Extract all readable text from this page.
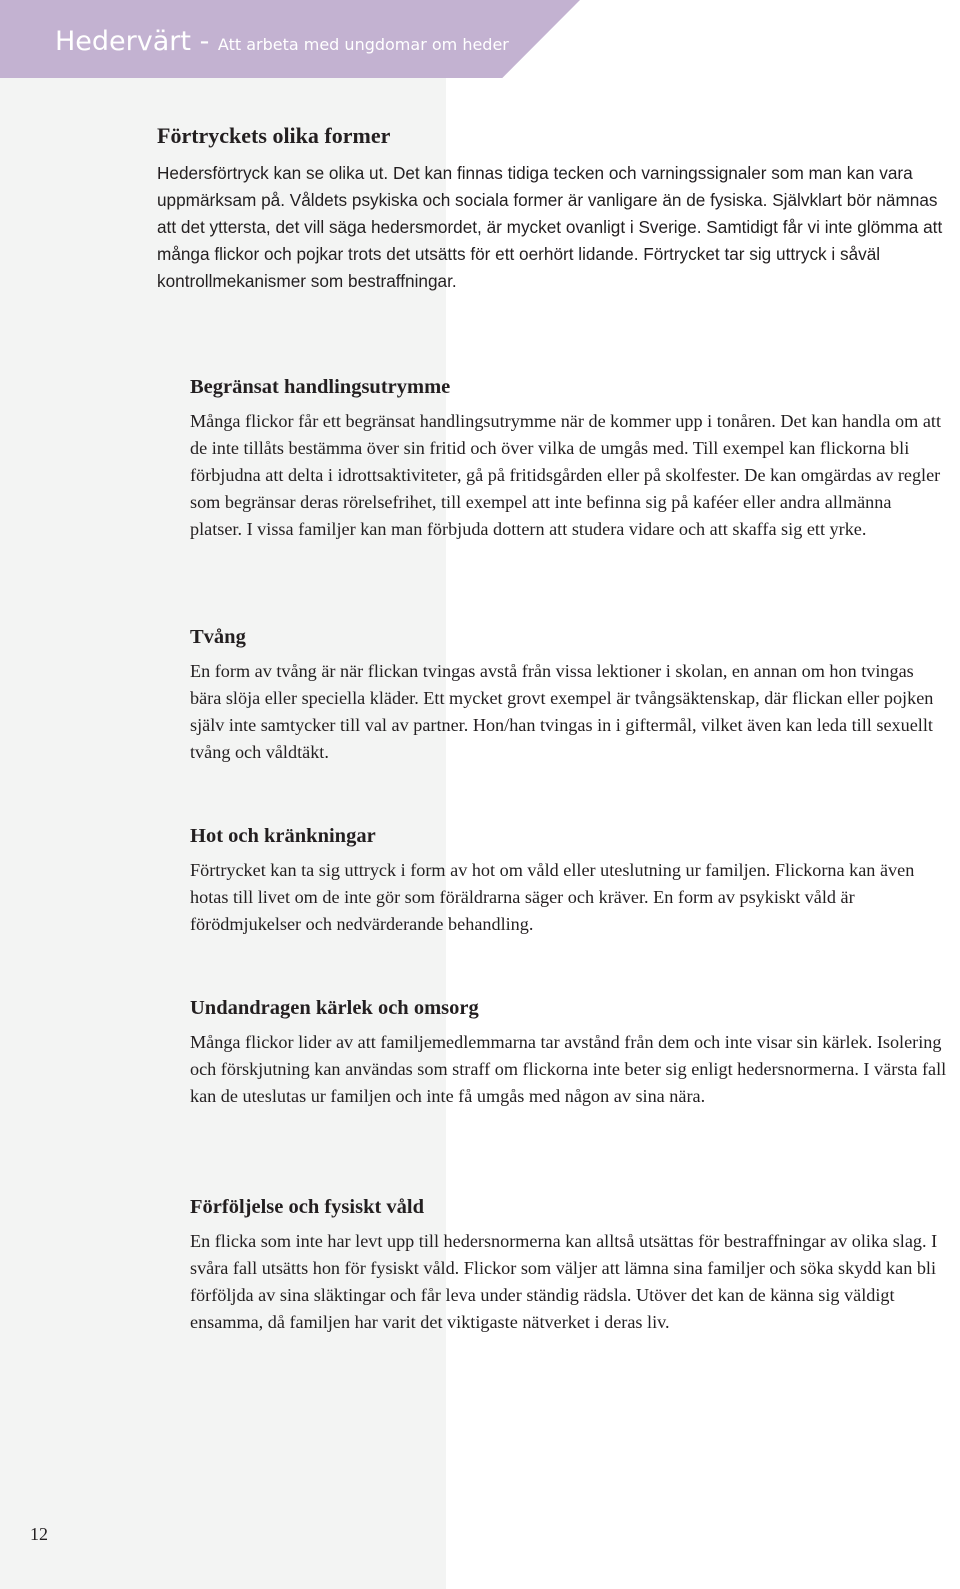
Hedervärt - Att arbeta med ungdomar om heder
Förtryckets olika former

Hedersförtryck kan se olika ut. Det kan finnas tidiga tecken och varningssignaler som man kan vara uppmärksam på. Våldets psykiska och sociala former är vanligare än de fysiska. Självklart bör nämnas att det yttersta, det vill säga hedersmordet, är mycket ovanligt i Sverige. Samtidigt får vi inte glömma att många flickor och pojkar trots det utsätts för ett oerhört lidande. Förtrycket tar sig uttryck i såväl kontrollmekanismer som bestraffningar.

Begränsat handlingsutrymme

Många flickor får ett begränsat handlingsutrymme när de kommer upp i tonåren. Det kan handla om att de inte tillåts bestämma över sin fritid och över vilka de umgås med. Till exempel kan flickorna bli förbjudna att delta i idrottsaktiviteter, gå på fritidsgården eller på skolfester. De kan omgärdas av regler som begränsar deras rörelsefrihet, till exempel att inte befinna sig på kaféer eller andra allmänna platser. I vissa familjer kan man förbjuda dottern att studera vidare och att skaffa sig ett yrke.

Tvång

En form av tvång är när flickan tvingas avstå från vissa lektioner i skolan, en annan om hon tvingas bära slöja eller speciella kläder. Ett mycket grovt exempel är tvångsäktenskap, där flickan eller pojken själv inte samtycker till val av partner. Hon/han tvingas in i giftermål, vilket även kan leda till sexuellt tvång och våldtäkt.

Hot och kränkningar

Förtrycket kan ta sig uttryck i form av hot om våld eller uteslutning ur familjen. Flickorna kan även hotas till livet om de inte gör som föräldrarna säger och kräver. En form av psykiskt våld är förödmjukelser och nedvärderande behandling.

Undandragen kärlek och omsorg

Många flickor lider av att familjemedlemmarna tar avstånd från dem och inte visar sin kärlek. Isolering och förskjutning kan användas som straff om flickorna inte beter sig enligt hedersnormerna. I värsta fall kan de uteslutas ur familjen och inte få umgås med någon av sina nära.

Förföljelse och fysiskt våld

En flicka som inte har levt upp till hedersnormerna kan alltså utsättas för bestraffningar av olika slag. I svåra fall utsätts hon för fysiskt våld. Flickor som väljer att lämna sina familjer och söka skydd kan bli förföljda av sina släktingar och får leva under ständig rädsla. Utöver det kan de känna sig väldigt ensamma, då familjen har varit det viktigaste nätverket i deras liv.

12
